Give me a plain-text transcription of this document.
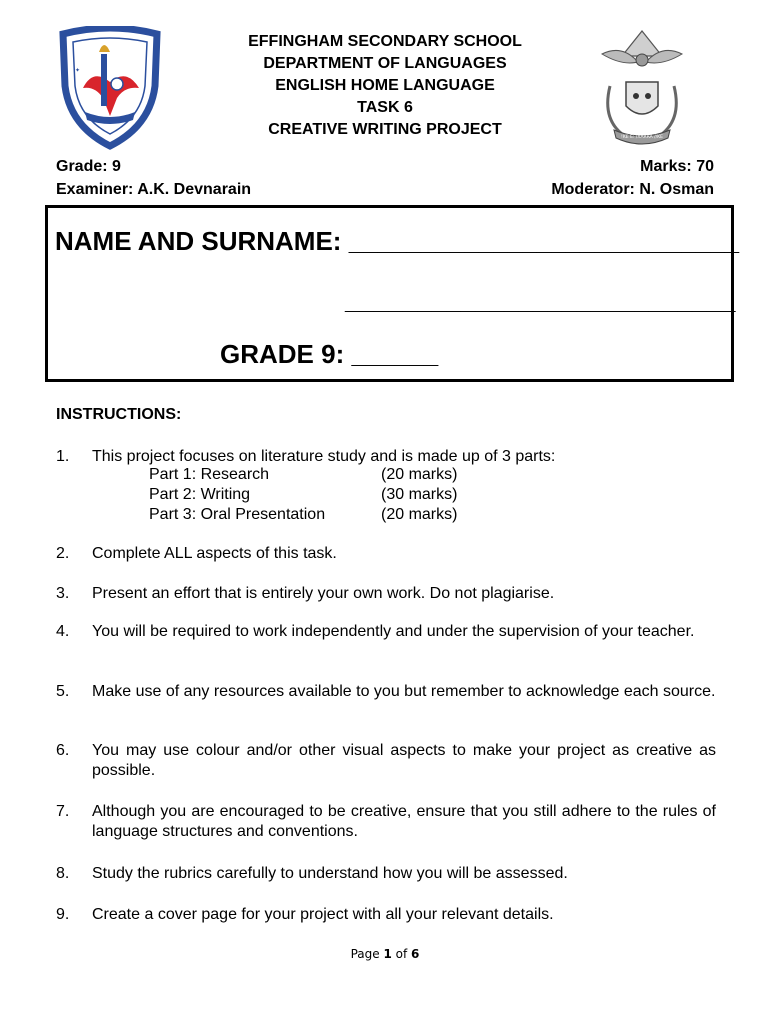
✦
!KE E: /XARRA //KE
EFFINGHAM SECONDARY SCHOOL
DEPARTMENT OF LANGUAGES
ENGLISH HOME LANGUAGE
TASK 6
CREATIVE WRITING PROJECT
Grade: 9	Marks: 70
Examiner: A.K. Devnarain	Moderator: N. Osman
NAME AND SURNAME: ___________________________
___________________________
GRADE 9: ______
INSTRUCTIONS:
1. This project focuses on literature study and is made up of 3 parts:
Part 1: Research	(20 marks)
Part 2: Writing	(30 marks)
Part 3: Oral Presentation	(20 marks)
2. Complete ALL aspects of this task.
3. Present an effort that is entirely your own work. Do not plagiarise.
4. You will be required to work independently and under the supervision of your teacher.
5. Make use of any resources available to you but remember to acknowledge each source.
6. You may use colour and/or other visual aspects to make your project as creative as possible.
7. Although you are encouraged to be creative, ensure that you still adhere to the rules of language structures and conventions.
8. Study the rubrics carefully to understand how you will be assessed.
9. Create a cover page for your project with all your relevant details.
Page 1 of 6
